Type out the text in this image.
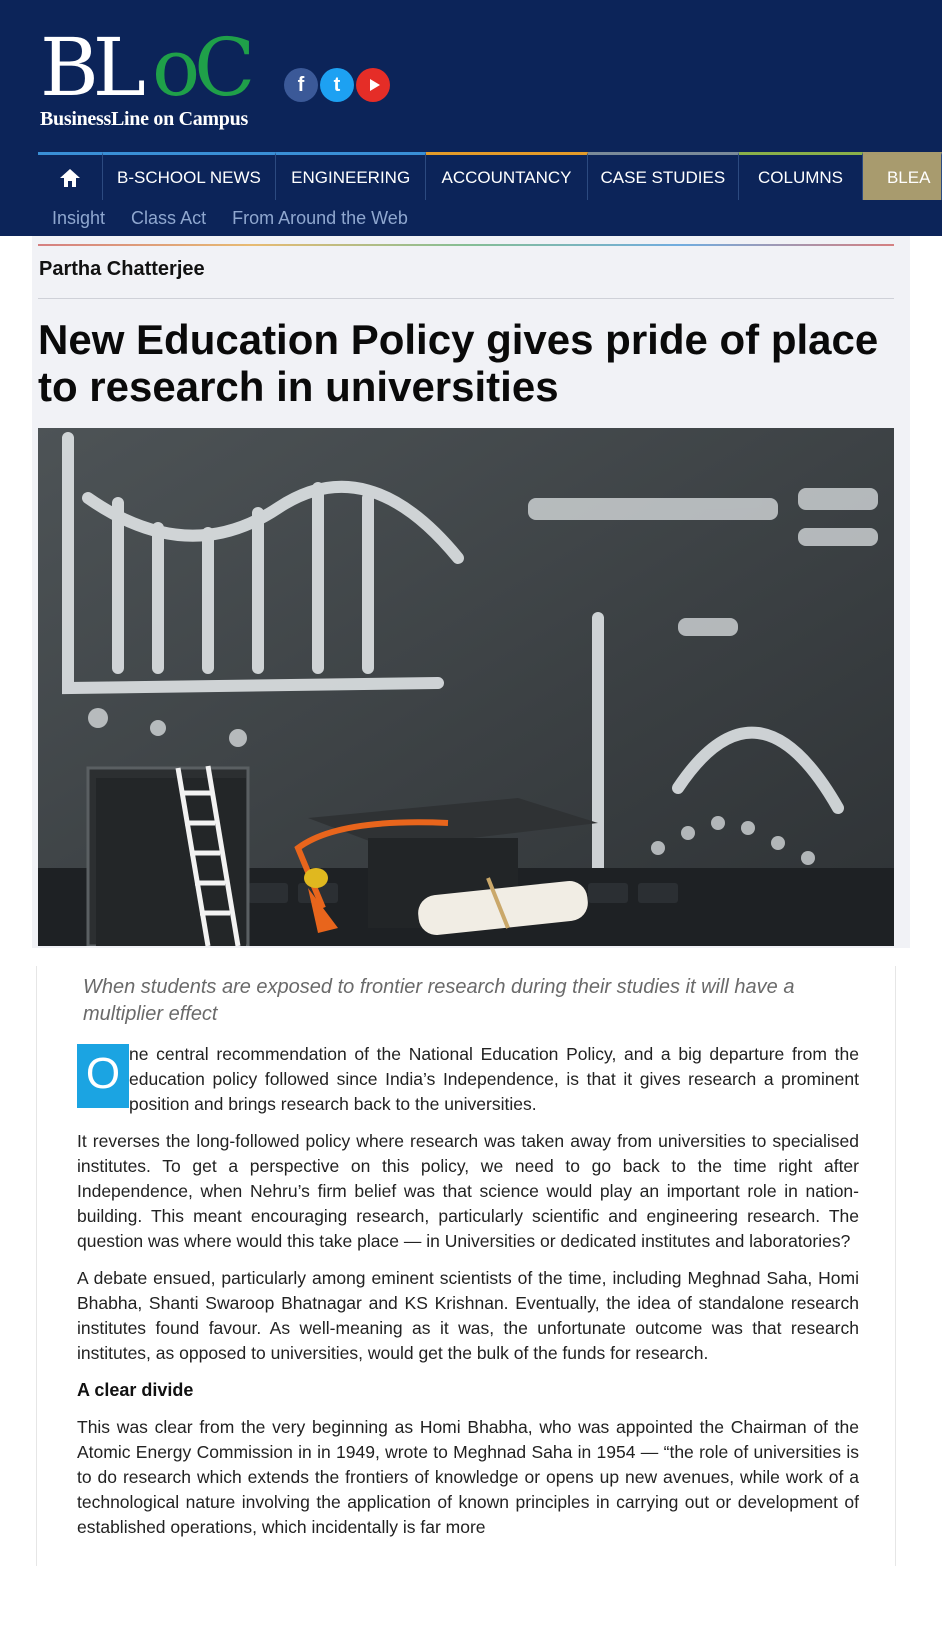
BL oC
BusinessLine on Campus
f t
B-SCHOOL NEWS	ENGINEERING	ACCOUNTANCY	CASE STUDIES	COLUMNS	BLEA
Insight Class Act From Around the Web
Partha Chatterjee
New Education Policy gives pride of place to research in universities

When students are exposed to frontier research during their studies it will have a multiplier effect

O ne central recommendation of the National Education Policy, and a big departure from the education policy followed since India’s Independence, is that it gives research a prominent position and brings research back to the universities.

It reverses the long-followed policy where research was taken away from universities to specialised institutes. To get a perspective on this policy, we need to go back to the time right after Independence, when Nehru’s firm belief was that science would play an important role in nation-building. This meant encouraging research, particularly scientific and engineering research. The question was where would this take place — in Universities or dedicated institutes and laboratories?

A debate ensued, particularly among eminent scientists of the time, including Meghnad Saha, Homi Bhabha, Shanti Swaroop Bhatnagar and KS Krishnan. Eventually, the idea of standalone research institutes found favour. As well-meaning as it was, the unfortunate outcome was that research institutes, as opposed to universities, would get the bulk of the funds for research.

A clear divide

This was clear from the very beginning as Homi Bhabha, who was appointed the Chairman of the Atomic Energy Commission in in 1949, wrote to Meghnad Saha in 1954 — “the role of universities is to do research which extends the frontiers of knowledge or opens up new avenues, while work of a technological nature involving the application of known principles in carrying out or development of established operations, which incidentally is far more
